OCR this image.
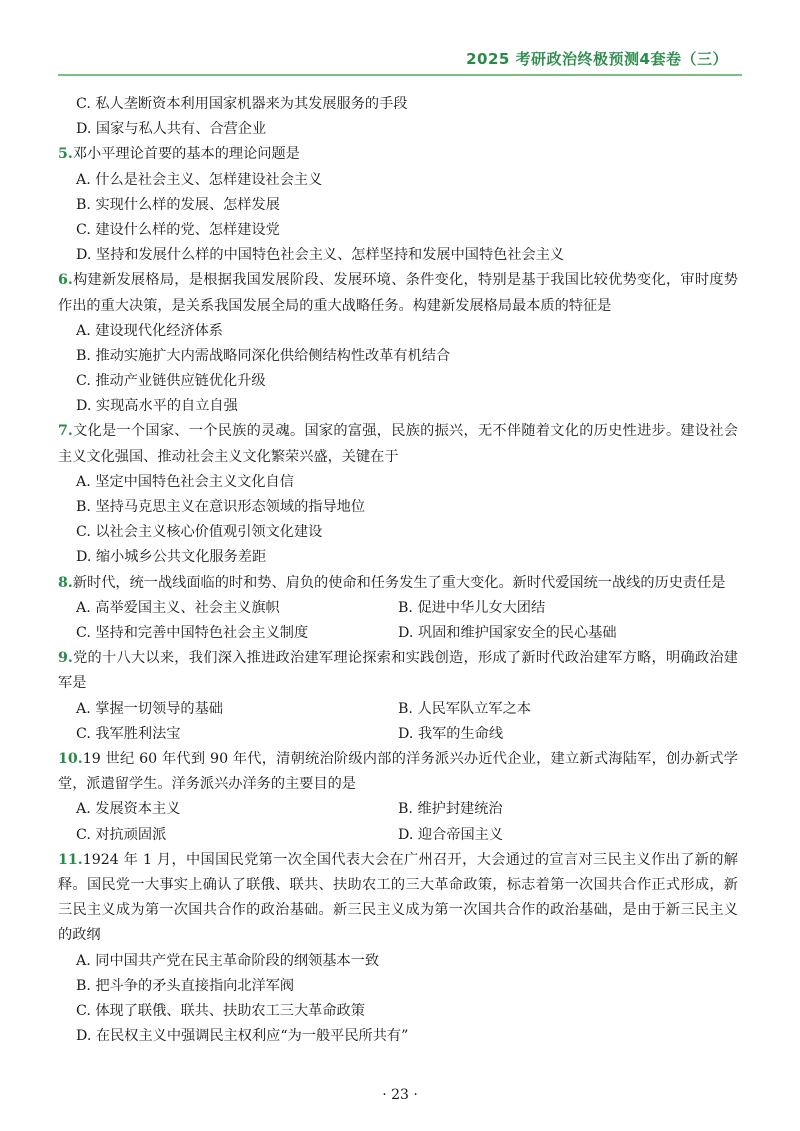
2025 考研政治终极预测4套卷（三）
C. 私人垄断资本利用国家机器来为其发展服务的手段
D. 国家与私人共有、合营企业
5.邓小平理论首要的基本的理论问题是
A. 什么是社会主义、怎样建设社会主义
B. 实现什么样的发展、怎样发展
C. 建设什么样的党、怎样建设党
D. 坚持和发展什么样的中国特色社会主义、怎样坚持和发展中国特色社会主义
6.构建新发展格局，是根据我国发展阶段、发展环境、条件变化，特别是基于我国比较优势变化，审时度势作出的重大决策，是关系我国发展全局的重大战略任务。构建新发展格局最本质的特征是
A. 建设现代化经济体系
B. 推动实施扩大内需战略同深化供给侧结构性改革有机结合
C. 推动产业链供应链优化升级
D. 实现高水平的自立自强
7.文化是一个国家、一个民族的灵魂。国家的富强，民族的振兴，无不伴随着文化的历史性进步。建设社会主义文化强国、推动社会主义文化繁荣兴盛，关键在于
A. 坚定中国特色社会主义文化自信
B. 坚持马克思主义在意识形态领域的指导地位
C. 以社会主义核心价值观引领文化建设
D. 缩小城乡公共文化服务差距
8.新时代，统一战线面临的时和势、肩负的使命和任务发生了重大变化。新时代爱国统一战线的历史责任是
A. 高举爱国主义、社会主义旗帜	B. 促进中华儿女大团结
C. 坚持和完善中国特色社会主义制度	D. 巩固和维护国家安全的民心基础
9.党的十八大以来，我们深入推进政治建军理论探索和实践创造，形成了新时代政治建军方略，明确政治建军是
A. 掌握一切领导的基础	B. 人民军队立军之本
C. 我军胜利法宝	D. 我军的生命线
10.19 世纪 60 年代到 90 年代，清朝统治阶级内部的洋务派兴办近代企业，建立新式海陆军，创办新式学堂，派遣留学生。洋务派兴办洋务的主要目的是
A. 发展资本主义	B. 维护封建统治
C. 对抗顽固派	D. 迎合帝国主义
11.1924 年 1 月，中国国民党第一次全国代表大会在广州召开，大会通过的宣言对三民主义作出了新的解释。国民党一大事实上确认了联俄、联共、扶助农工的三大革命政策，标志着第一次国共合作正式形成，新三民主义成为第一次国共合作的政治基础。新三民主义成为第一次国共合作的政治基础，是由于新三民主义的政纲
A. 同中国共产党在民主革命阶段的纲领基本一致
B. 把斗争的矛头直接指向北洋军阀
C. 体现了联俄、联共、扶助农工三大革命政策
D. 在民权主义中强调民主权利应“为一般平民所共有”
· 23 ·
